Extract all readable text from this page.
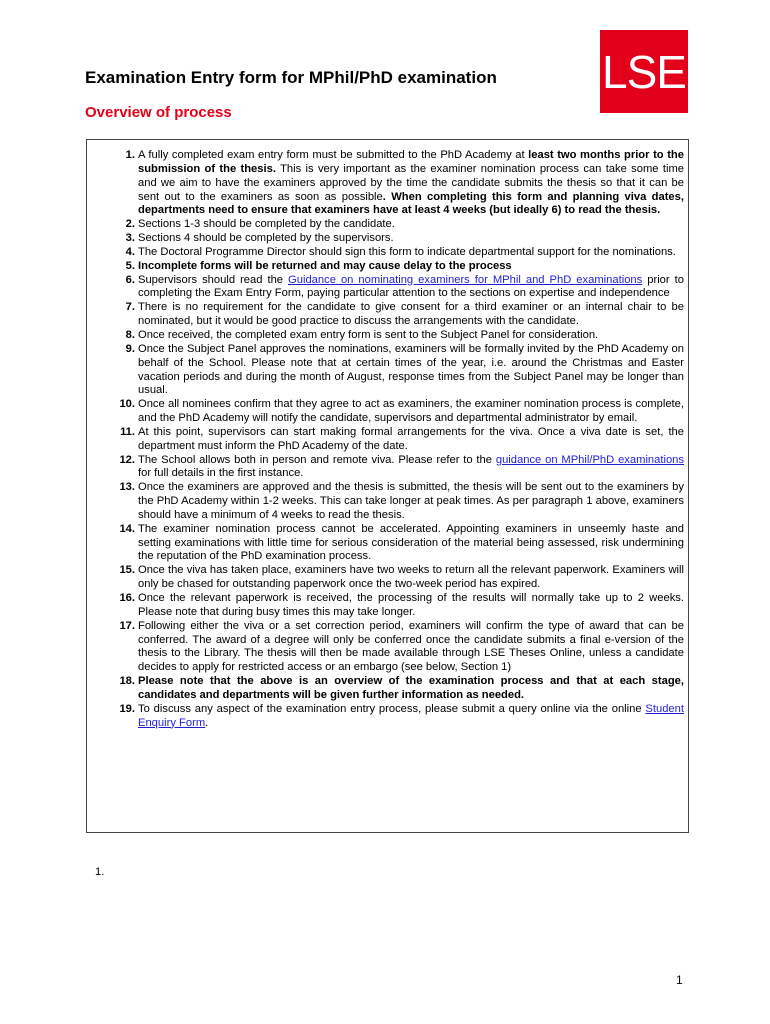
LSE
Examination Entry form for MPhil/PhD examination
Overview of process
1. A fully completed exam entry form must be submitted to the PhD Academy at least two months prior to the submission of the thesis. This is very important as the examiner nomination process can take some time and we aim to have the examiners approved by the time the candidate submits the thesis so that it can be sent out to the examiners as soon as possible. When completing this form and planning viva dates, departments need to ensure that examiners have at least 4 weeks (but ideally 6) to read the thesis.
2. Sections 1-3 should be completed by the candidate.
3. Sections 4 should be completed by the supervisors.
4. The Doctoral Programme Director should sign this form to indicate departmental support for the nominations.
5. Incomplete forms will be returned and may cause delay to the process
6. Supervisors should read the Guidance on nominating examiners for MPhil and PhD examinations prior to completing the Exam Entry Form, paying particular attention to the sections on expertise and independence
7. There is no requirement for the candidate to give consent for a third examiner or an internal chair to be nominated, but it would be good practice to discuss the arrangements with the candidate.
8. Once received, the completed exam entry form is sent to the Subject Panel for consideration.
9. Once the Subject Panel approves the nominations, examiners will be formally invited by the PhD Academy on behalf of the School. Please note that at certain times of the year, i.e. around the Christmas and Easter vacation periods and during the month of August, response times from the Subject Panel may be longer than usual.
10. Once all nominees confirm that they agree to act as examiners, the examiner nomination process is complete, and the PhD Academy will notify the candidate, supervisors and departmental administrator by email.
11. At this point, supervisors can start making formal arrangements for the viva. Once a viva date is set, the department must inform the PhD Academy of the date.
12. The School allows both in person and remote viva. Please refer to the guidance on MPhil/PhD examinations for full details in the first instance.
13. Once the examiners are approved and the thesis is submitted, the thesis will be sent out to the examiners by the PhD Academy within 1-2 weeks. This can take longer at peak times. As per paragraph 1 above, examiners should have a minimum of 4 weeks to read the thesis.
14. The examiner nomination process cannot be accelerated. Appointing examiners in unseemly haste and setting examinations with little time for serious consideration of the material being assessed, risk undermining the reputation of the PhD examination process.
15. Once the viva has taken place, examiners have two weeks to return all the relevant paperwork. Examiners will only be chased for outstanding paperwork once the two-week period has expired.
16. Once the relevant paperwork is received, the processing of the results will normally take up to 2 weeks. Please note that during busy times this may take longer.
17. Following either the viva or a set correction period, examiners will confirm the type of award that can be conferred. The award of a degree will only be conferred once the candidate submits a final e-version of the thesis to the Library. The thesis will then be made available through LSE Theses Online, unless a candidate decides to apply for restricted access or an embargo (see below, Section 1)
18. Please note that the above is an overview of the examination process and that at each stage, candidates and departments will be given further information as needed.
19. To discuss any aspect of the examination entry process, please submit a query online via the online Student Enquiry Form.
1.
1
